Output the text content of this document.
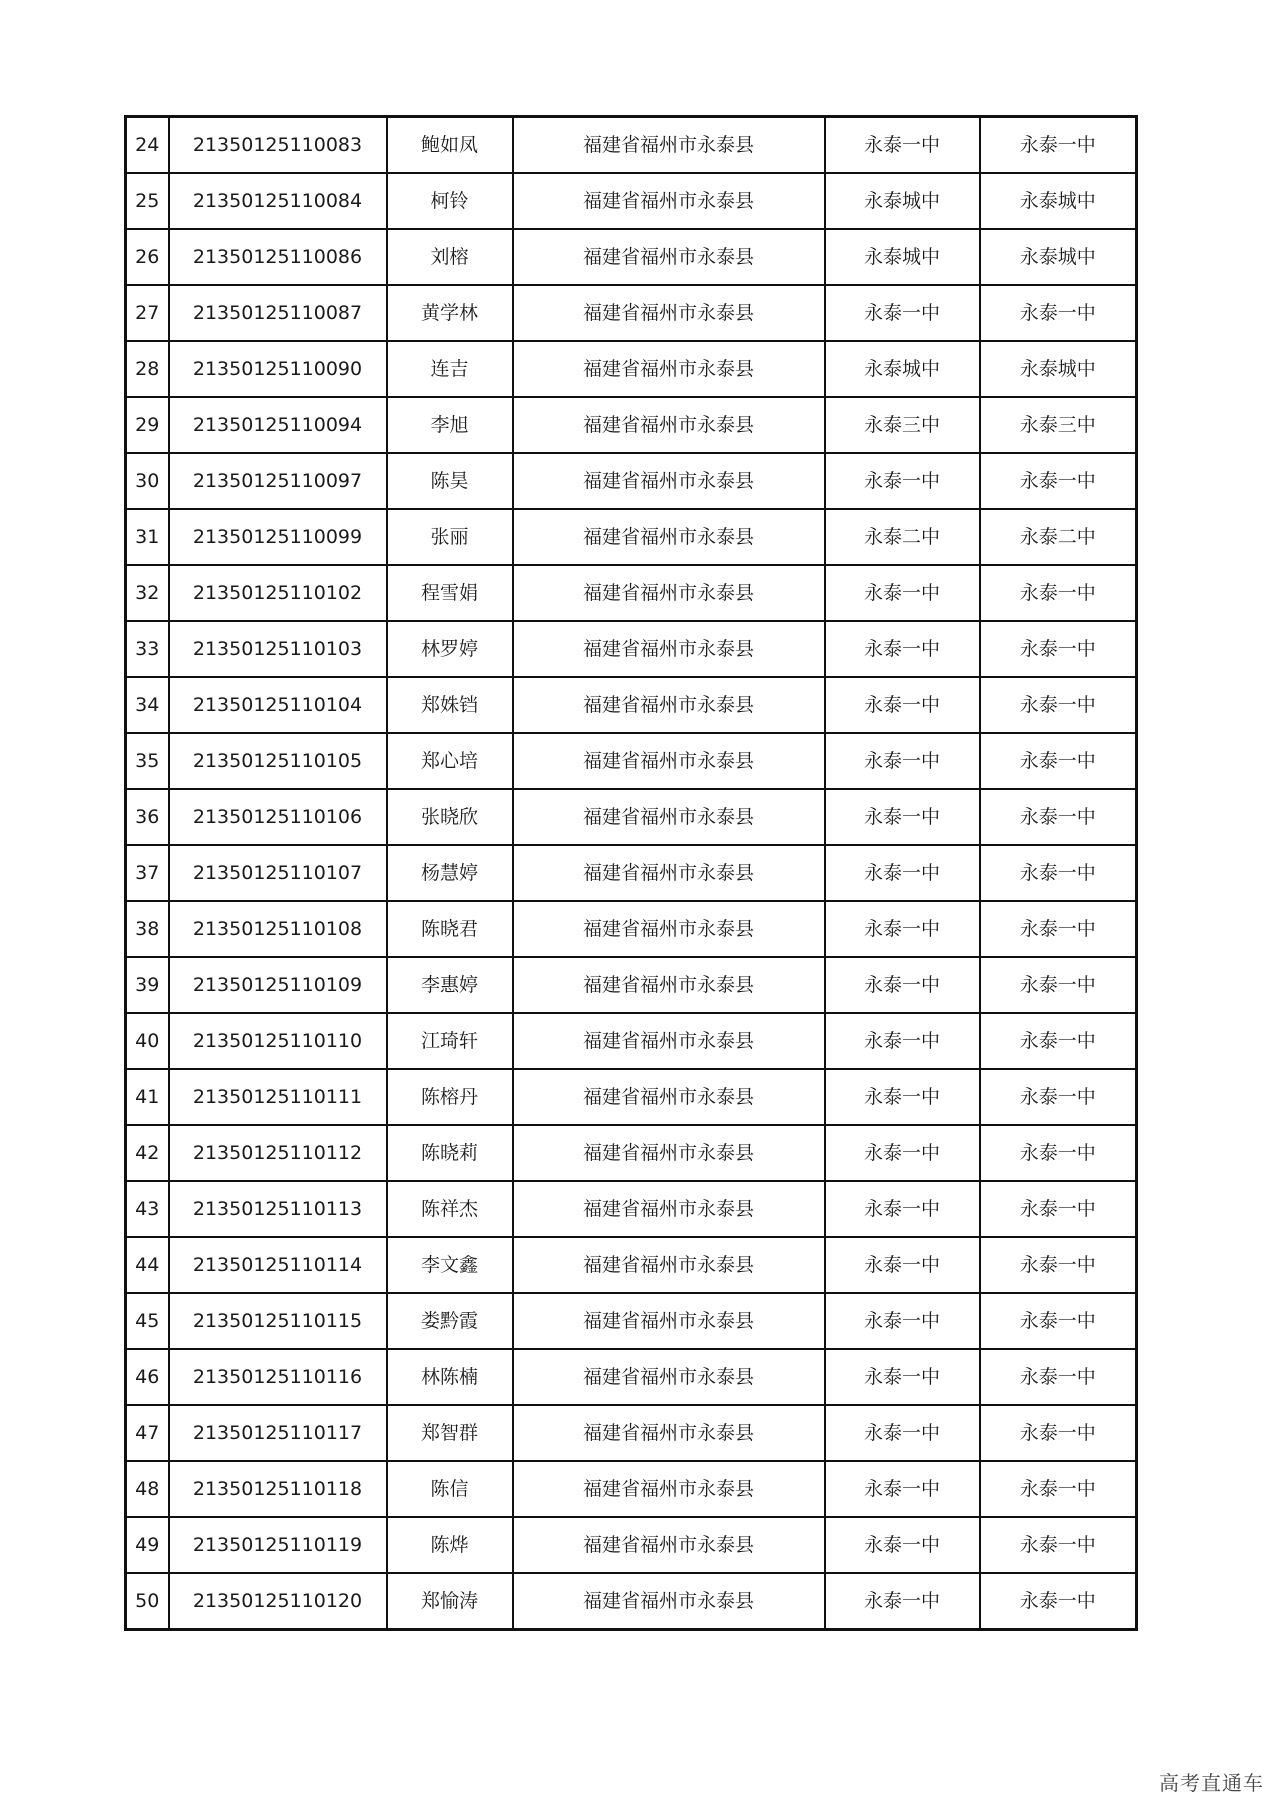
24	21350125110083	鲍如凤	福建省福州市永泰县	永泰一中	永泰一中
25	21350125110084	柯铃	福建省福州市永泰县	永泰城中	永泰城中
26	21350125110086	刘榕	福建省福州市永泰县	永泰城中	永泰城中
27	21350125110087	黄学林	福建省福州市永泰县	永泰一中	永泰一中
28	21350125110090	连吉	福建省福州市永泰县	永泰城中	永泰城中
29	21350125110094	李旭	福建省福州市永泰县	永泰三中	永泰三中
30	21350125110097	陈昊	福建省福州市永泰县	永泰一中	永泰一中
31	21350125110099	张丽	福建省福州市永泰县	永泰二中	永泰二中
32	21350125110102	程雪娟	福建省福州市永泰县	永泰一中	永泰一中
33	21350125110103	林罗婷	福建省福州市永泰县	永泰一中	永泰一中
34	21350125110104	郑姝铛	福建省福州市永泰县	永泰一中	永泰一中
35	21350125110105	郑心培	福建省福州市永泰县	永泰一中	永泰一中
36	21350125110106	张晓欣	福建省福州市永泰县	永泰一中	永泰一中
37	21350125110107	杨慧婷	福建省福州市永泰县	永泰一中	永泰一中
38	21350125110108	陈晓君	福建省福州市永泰县	永泰一中	永泰一中
39	21350125110109	李惠婷	福建省福州市永泰县	永泰一中	永泰一中
40	21350125110110	江琦轩	福建省福州市永泰县	永泰一中	永泰一中
41	21350125110111	陈榕丹	福建省福州市永泰县	永泰一中	永泰一中
42	21350125110112	陈晓莉	福建省福州市永泰县	永泰一中	永泰一中
43	21350125110113	陈祥杰	福建省福州市永泰县	永泰一中	永泰一中
44	21350125110114	李文鑫	福建省福州市永泰县	永泰一中	永泰一中
45	21350125110115	娄黔霞	福建省福州市永泰县	永泰一中	永泰一中
46	21350125110116	林陈楠	福建省福州市永泰县	永泰一中	永泰一中
47	21350125110117	郑智群	福建省福州市永泰县	永泰一中	永泰一中
48	21350125110118	陈信	福建省福州市永泰县	永泰一中	永泰一中
49	21350125110119	陈烨	福建省福州市永泰县	永泰一中	永泰一中
50	21350125110120	郑愉涛	福建省福州市永泰县	永泰一中	永泰一中
高考直通车
